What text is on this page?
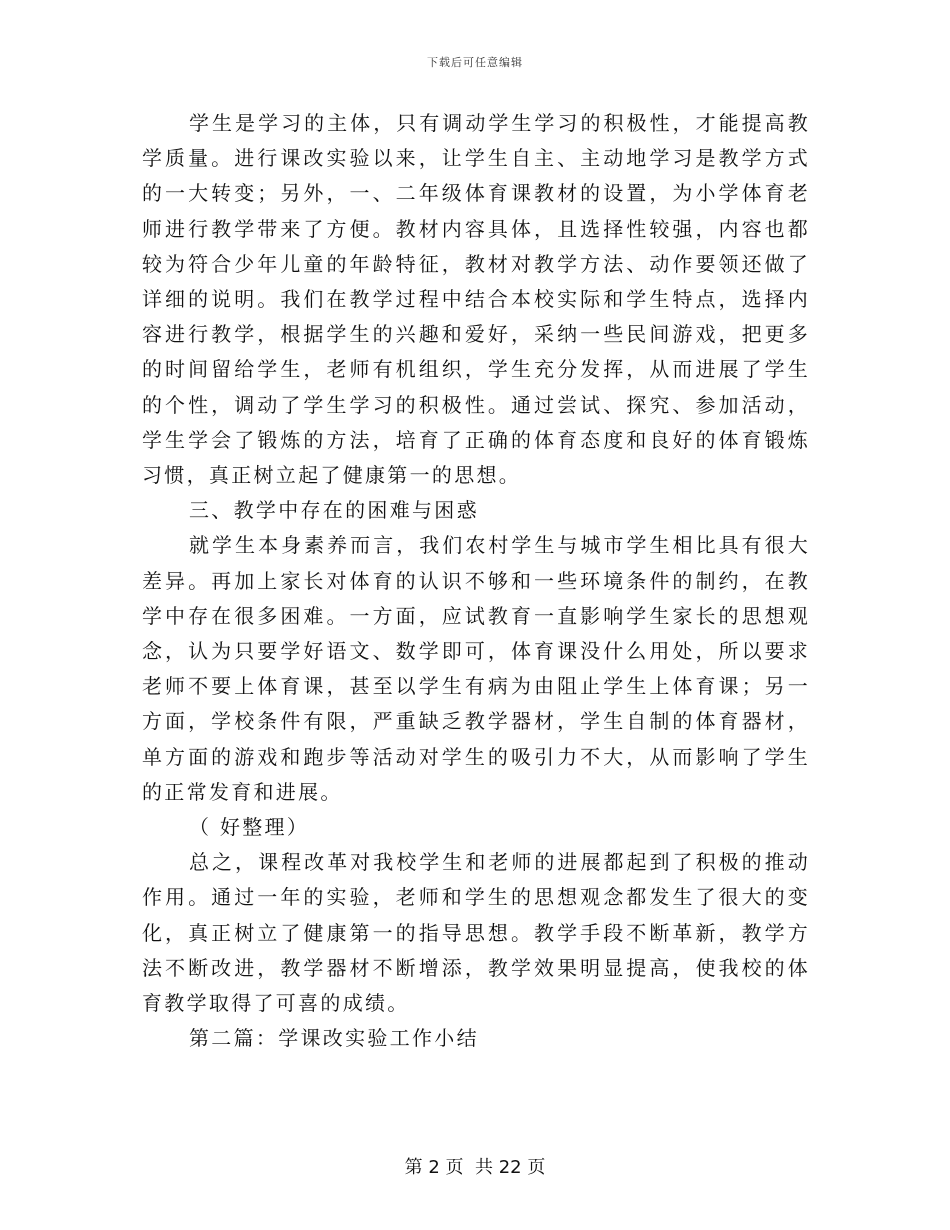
下载后可任意编辑

学生是学习的主体，只有调动学生学习的积极性，才能提高教学质量。进行课改实验以来，让学生自主、主动地学习是教学方式的一大转变；另外，一、二年级体育课教材的设置，为小学体育老师进行教学带来了方便。教材内容具体，且选择性较强，内容也都较为符合少年儿童的年龄特征，教材对教学方法、动作要领还做了详细的说明。我们在教学过程中结合本校实际和学生特点，选择内容进行教学，根据学生的兴趣和爱好，采纳一些民间游戏，把更多的时间留给学生，老师有机组织，学生充分发挥，从而进展了学生的个性，调动了学生学习的积极性。通过尝试、探究、参加活动，学生学会了锻炼的方法，培育了正确的体育态度和良好的体育锻炼习惯，真正树立起了健康第一的思想。

三、教学中存在的困难与困惑

就学生本身素养而言，我们农村学生与城市学生相比具有很大差异。再加上家长对体育的认识不够和一些环境条件的制约，在教学中存在很多困难。一方面，应试教育一直影响学生家长的思想观念，认为只要学好语文、数学即可，体育课没什么用处，所以要求老师不要上体育课，甚至以学生有病为由阻止学生上体育课；另一方面，学校条件有限，严重缺乏教学器材，学生自制的体育器材，单方面的游戏和跑步等活动对学生的吸引力不大，从而影响了学生的正常发育和进展。

（ 好整理）

总之，课程改革对我校学生和老师的进展都起到了积极的推动作用。通过一年的实验，老师和学生的思想观念都发生了很大的变化，真正树立了健康第一的指导思想。教学手段不断革新，教学方法不断改进，教学器材不断增添，教学效果明显提高，使我校的体育教学取得了可喜的成绩。

第二篇：学课改实验工作小结

第 2 页  共 22 页
